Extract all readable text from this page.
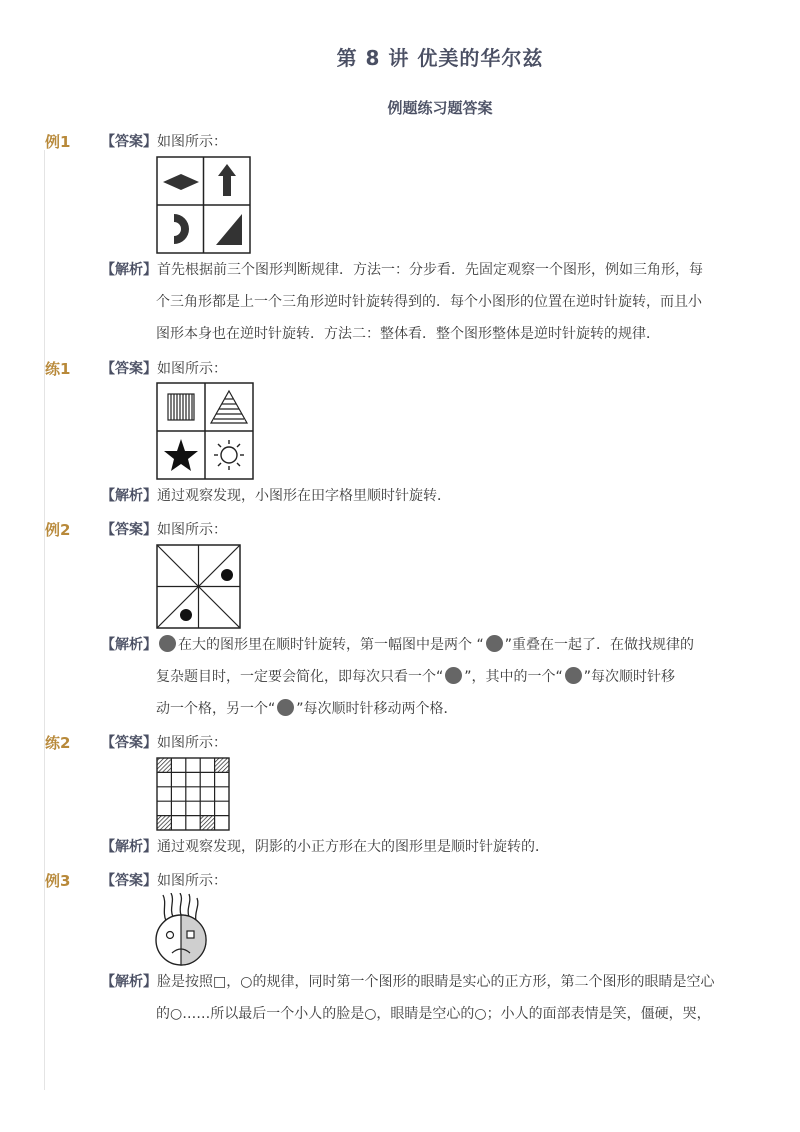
第 8 讲 优美的华尔兹
例题练习题答案
例1 【答案】如图所示：
【解析】首先根据前三个图形判断规律．方法一：分步看．先固定观察一个图形，例如三角形，每
个三角形都是上一个三角形逆时针旋转得到的．每个小图形的位置在逆时针旋转，而且小
图形本身也在逆时针旋转．方法二：整体看．整个图形整体是逆时针旋转的规律．
练1 【答案】如图所示：
【解析】通过观察发现，小图形在田字格里顺时针旋转．
例2 【答案】如图所示：
【解析】 在大的图形里在顺时针旋转，第一幅图中是两个 “ ”重叠在一起了．在做找规律的
复杂题目时，一定要会简化，即每次只看一个“ ”，其中的一个“ ”每次顺时针移
动一个格，另一个“ ”每次顺时针移动两个格．
练2 【答案】如图所示：
【解析】通过观察发现，阴影的小正方形在大的图形里是顺时针旋转的．
例3 【答案】如图所示：
【解析】脸是按照□，○的规律，同时第一个图形的眼睛是实心的正方形，第二个图形的眼睛是空心
的○……所以最后一个小人的脸是○，眼睛是空心的○；小人的面部表情是笑，僵硬，哭，
